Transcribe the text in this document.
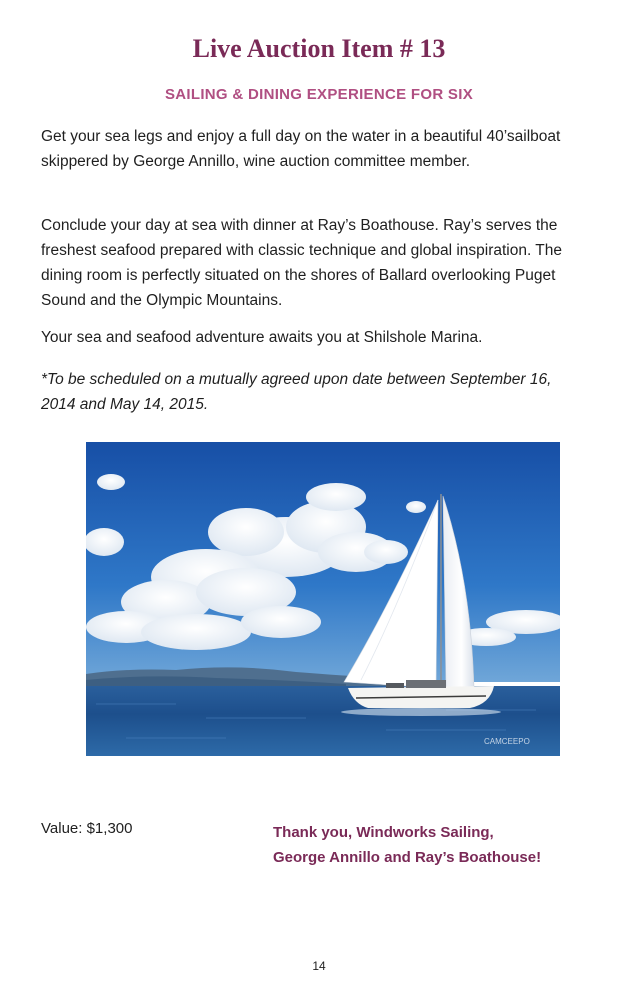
Live Auction Item # 13
SAILING & DINING EXPERIENCE FOR SIX

Get your sea legs and enjoy a full day on the water in a beautiful 40’sailboat skippered by George Annillo, wine auction committee member.

Conclude your day at sea with dinner at Ray’s Boathouse. Ray’s serves the freshest seafood prepared with classic technique and global inspiration. The dining room is perfectly situated on the shores of Ballard overlooking Puget Sound and the Olympic Mountains.

Your sea and seafood adventure awaits you at Shilshole Marina.

*To be scheduled on a mutually agreed upon date between September 16, 2014 and May 14, 2015.

CAMCEEPO

Value: $1,300	Thank you, Windworks Sailing,
George Annillo and Ray’s Boathouse!
14
